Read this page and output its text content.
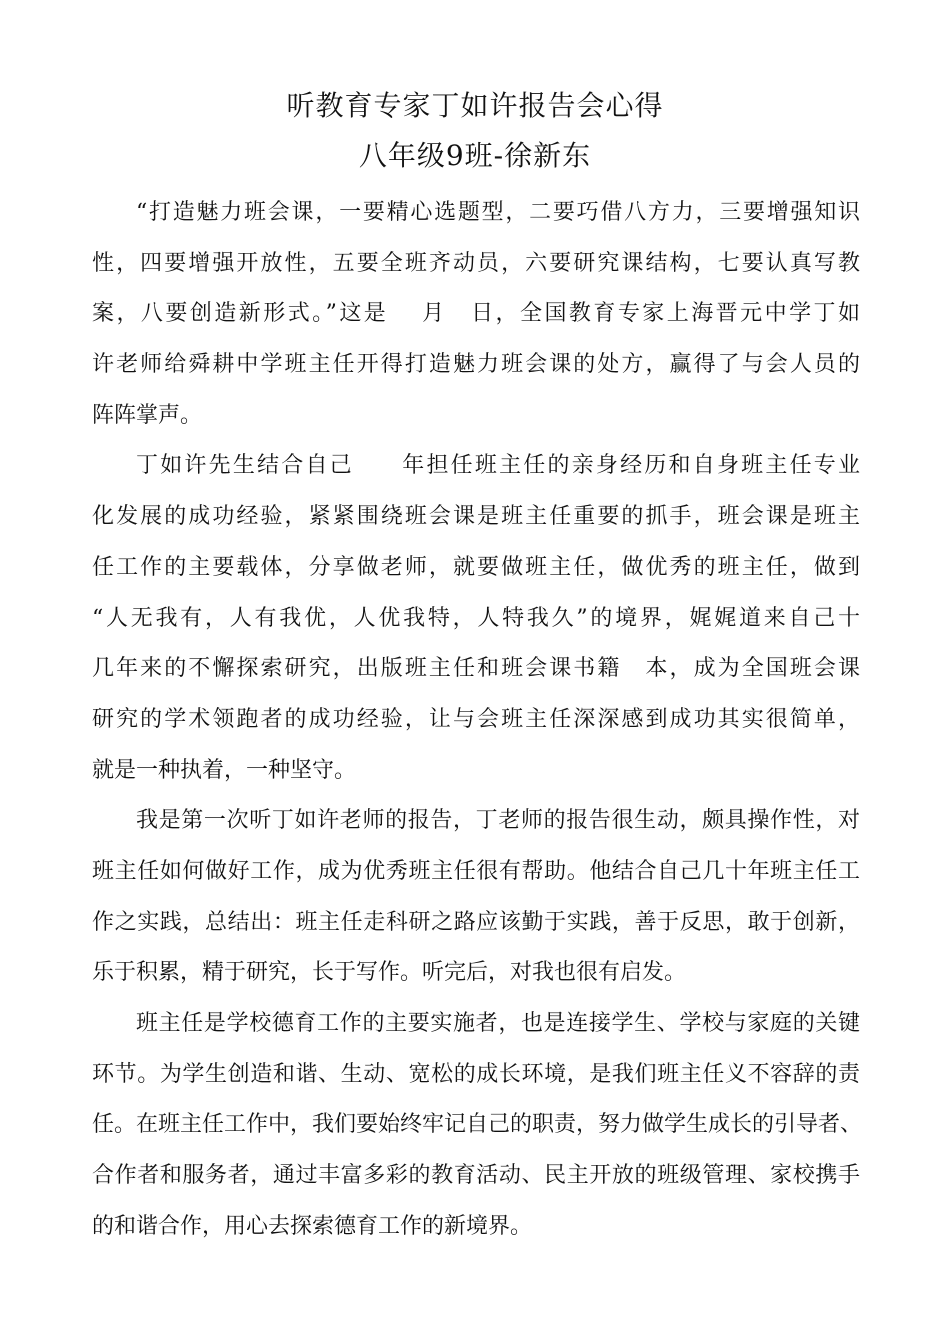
听教育专家丁如许报告会心得
八年级9班-徐新东
“打造魅力班会课，一要精心选题型，二要巧借八方力，三要增强知识
性，四要增强开放性，五要全班齐动员，六要研究课结构，七要认真写教
案，八要创造新形式。”这是　 月　日，全国教育专家上海晋元中学丁如
许老师给舜耕中学班主任开得打造魅力班会课的处方，赢得了与会人员的
阵阵掌声。
丁如许先生结合自己　　年担任班主任的亲身经历和自身班主任专业
化发展的成功经验，紧紧围绕班会课是班主任重要的抓手，班会课是班主
任工作的主要载体，分享做老师，就要做班主任，做优秀的班主任，做到
“人无我有，人有我优，人优我特，人特我久”的境界，娓娓道来自己十
几年来的不懈探索研究，出版班主任和班会课书籍　本，成为全国班会课
研究的学术领跑者的成功经验，让与会班主任深深感到成功其实很简单，
就是一种执着，一种坚守。
我是第一次听丁如许老师的报告，丁老师的报告很生动，颇具操作性，对
班主任如何做好工作，成为优秀班主任很有帮助。他结合自己几十年班主任工
作之实践，总结出：班主任走科研之路应该勤于实践，善于反思，敢于创新，
乐于积累，精于研究，长于写作。听完后，对我也很有启发。
班主任是学校德育工作的主要实施者，也是连接学生、学校与家庭的关键
环节。为学生创造和谐、生动、宽松的成长环境，是我们班主任义不容辞的责
任。在班主任工作中，我们要始终牢记自己的职责，努力做学生成长的引导者、
合作者和服务者，通过丰富多彩的教育活动、民主开放的班级管理、家校携手
的和谐合作，用心去探索德育工作的新境界。
